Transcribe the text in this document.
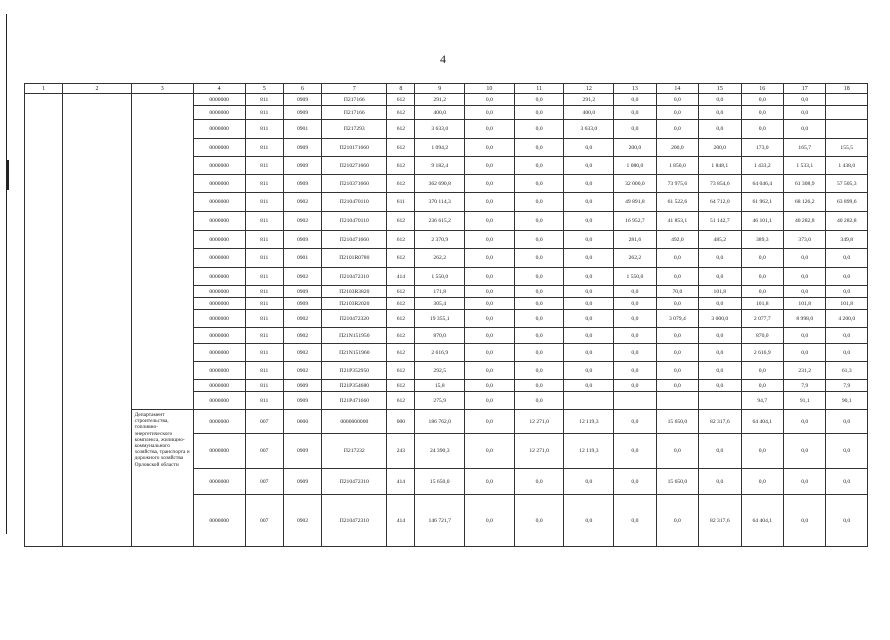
4
1	2	3	4	5	6	7	8	9	10	11	12	13	14	15	16	17	18
			0000000	811	0909	П217166	612	291,2	0,0	0,0	291,2	0,0	0,0	0,0	0,0	0,0	
			0000000	811	0909	П217166	612	400,0	0,0	0,0	400,0	0,0	0,0	0,0	0,0	0,0	
			0000000	811	0901	П217293	612	3 633,0	0,0	0,0	3 633,0	0,0	0,0	0,0	0,0	0,0	
			0000000	811	0909	П210171660	612	1 094,2	0,0	0,0	0,0	200,0	200,0	200,0	173,0	165,7	155,5
			0000000	811	0909	П210271660	612	9 182,4	0,0	0,0	0,0	1 080,0	1 850,0	1 848,1	1 433,2	1 533,1	1 438,0
			0000000	811	0909	П210371660	612	362 690,8	0,0	0,0	0,0	32 000,0	73 975,6	73 854,6	64 046,4	61 308,9	57 505,3
			0000000	811	0902	П210470110	611	370 114,3	0,0	0,0	0,0	49 891,8	61 522,6	64 712,0	61 962,1	68 126,2	63 899,6
			0000000	811	0902	П210470110	612	236 615,2	0,0	0,0	0,0	16 952,7	41 853,1	51 142,7	46 101,1	40 282,8	40 282,8
			0000000	811	0909	П210471660	612	2 370,9	0,0	0,0	0,0	281,6	492,0	485,2	389,3	373,0	349,8
			0000000	811	0901	П2101R0780	612	262,2	0,0	0,0	0,0	262,2	0,0	0,0	0,0	0,0	0,0
			0000000	811	0902	П210472310	414	1 550,0	0,0	0,0	0,0	1 550,0	0,0	0,0	0,0	0,0	0,0
			0000000	811	0909	П2103R3820	612	171,8	0,0	0,0	0,0	0,0	70,0	101,8	0,0	0,0	0,0
			0000000	811	0909	П2103R2020	612	305,4	0,0	0,0	0,0	0,0	0,0	0,0	101,8	101,8	101,8
			0000000	811	0902	П210472320	612	19 355,1	0,0	0,0	0,0	0,0	3 079,4	3 000,0	2 077,7	8 998,0	4 200,0
			0000000	811	0902	П21N151950	612	870,0	0,0	0,0	0,0	0,0	0,0	0,0	870,0	0,0	0,0
			0000000	811	0902	П21N151960	612	2 616,9	0,0	0,0	0,0	0,0	0,0	0,0	2 616,9	0,0	0,0
			0000000	811	0902	П21P352950	612	292,5	0,0	0,0	0,0	0,0	0,0	0,0	0,0	231,2	61,3
			0000000	811	0909	П21P354680	612	15,8	0,0	0,0	0,0	0,0	0,0	0,0	0,0	7,9	7,9
			0000000	811	0909	П21P471660	612	275,9	0,0	0,0					94,7	91,1	90,1
		Департамент строительства, топливно-энергетического комплекса, жилищно-коммунального хозяйства, транспорта и дорожного хозяйства Орловской области	0000000	007	0000	0000000000	000	186 762,0	0,0	12 271,0	12 119,3	0,0	15 650,0	82 317,6	64 404,1	0,0	0,0
			0000000	007	0909	П217232	243	24 390,3	0,0	12 271,0	12 119,3	0,0	0,0	0,0	0,0	0,0	0,0
			0000000	007	0909	П210472310	414	15 650,0	0,0	0,0	0,0	0,0	15 650,0	0,0	0,0	0,0	0,0
			0000000	007	0902	П210472310	414	146 721,7	0,0	0,0	0,0	0,0	0,0	82 317,6	64 404,1	0,0	0,0
